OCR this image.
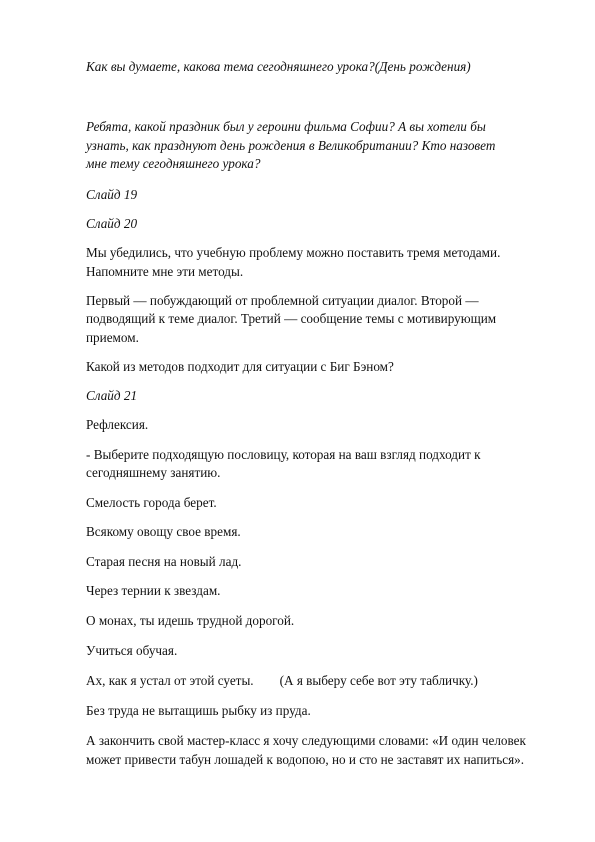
Как вы думаете, какова тема сегодняшнего урока?(День рождения)
Ребята, какой праздник был у героини фильма Софии? А вы хотели бы
узнать, как празднуют день рождения в Великобритании? Кто назовет
мне тему сегодняшнего урока?
Слайд 19
Слайд 20
Мы убедились, что учебную проблему можно поставить тремя методами.
Напомните мне эти методы.
Первый — побуждающий от проблемной ситуации диалог. Второй —
подводящий к теме диалог. Третий — сообщение темы с мотивирующим
приемом.
Какой из методов подходит для ситуации с Биг Бэном?
Слайд 21
Рефлексия.
- Выберите подходящую пословицу, которая на ваш взгляд подходит к
сегодняшнему занятию.
Смелость города берет.
Всякому овощу свое время.
Старая песня на новый лад.
Через тернии к звездам.
О монах, ты идешь трудной дорогой.
Учиться обучая.
Ах, как я устал от этой суеты. (А я выберу себе вот эту табличку.)
Без труда не вытащишь рыбку из пруда.
А закончить свой мастер-класс я хочу следующими словами: «И один человек
может привести табун лошадей к водопою, но и сто не заставят их напиться».
